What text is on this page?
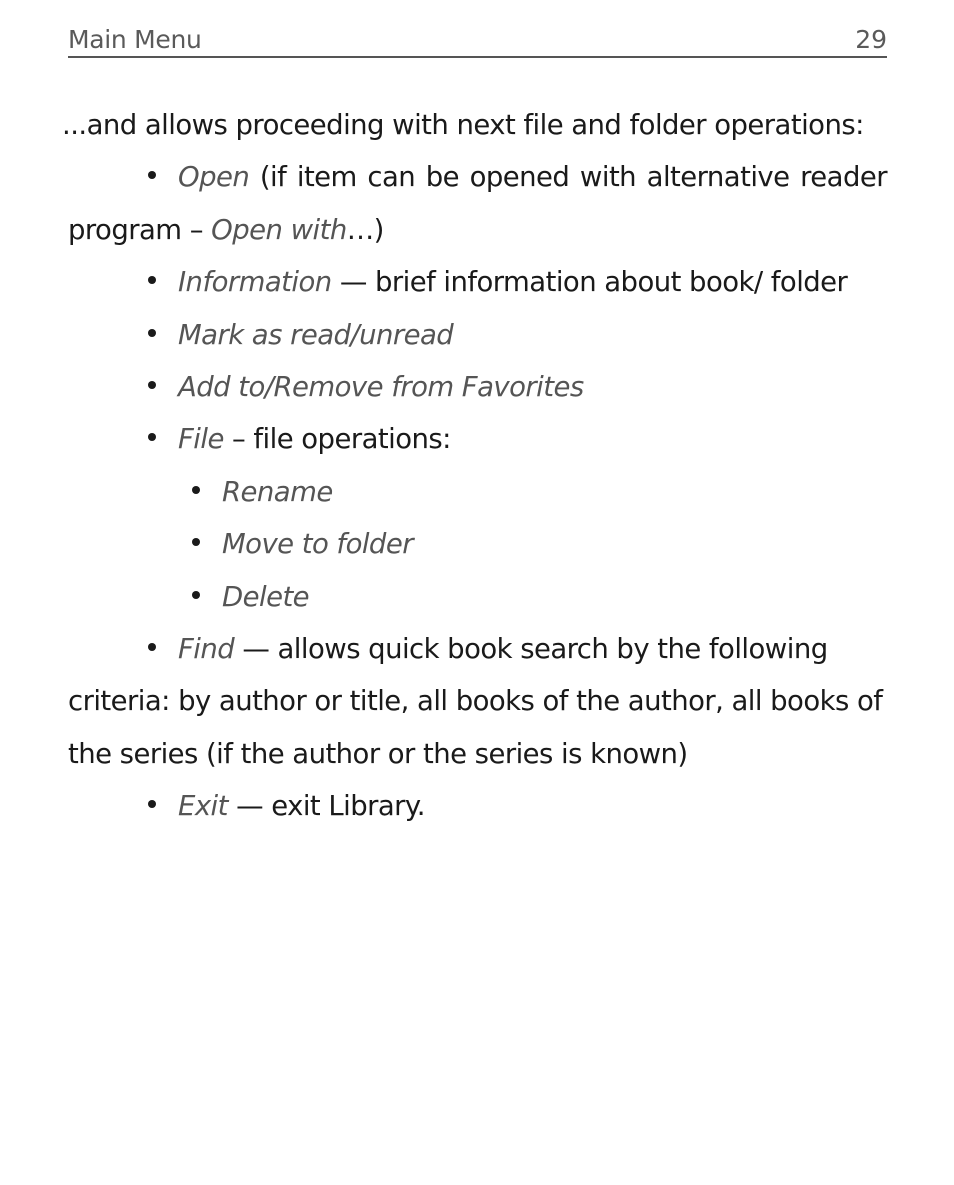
Main Menu	29

...and allows proceeding with next file and folder operations:

Open (if item can be opened with alternative reader program – Open with…)

Information — brief information about book/ folder

Mark as read/unread

Add to/Remove from Favorites

File – file operations:

Rename

Move to folder

Delete

Find — allows quick book search by the following criteria: by author or title, all books of the author, all books of the series (if the author or the series is known)

Exit — exit Library.
